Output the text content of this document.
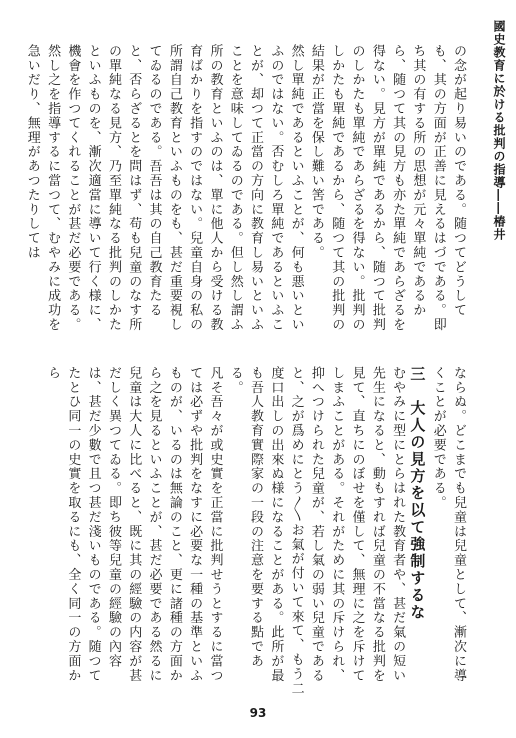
國史教育に於ける批判の指導――椿井

の念が起り易いのである。随つてどうしても、其の方面が正善に見えるはづである。即ち其の有する所の思想が元々單純であるから、随つて其の見方も亦た單純であらざるを得ない。見方が單純であるから、随つて批判のしかたも單純であらざるを得ない。批判のしかたも單純であるから、随つて其の批判の結果が正當を保し難い筈である。

然し單純であるといふことが、何も悪いといふのではない。否むしろ單純であるといふことが、却つて正當の方向に教育し易いといふことを意味してゐるのである。但し然し謂ふ所の教育といふのは、單に他人から受ける教育ばかりを指すのではない。兒童自身の私の所謂自己教育といふものをも、甚だ重要視してゐるのである。吾吾は其の自己教育たると、否らざるとを問はず、苟も兒童のなす所の單純なる見方、乃至單純なる批判のしかたといふものを、漸次適當に導いて行く様に、機會を作つてくれることが甚だ必要である。然し之を指導するに當つて、むやみに成功を急いだり、無理があつたりしては

ならぬ。どこまでも兒童は兒童として、漸次に導くことが必要である。

三　大人の見方を以て強制するな

むやみに型にとらはれた教育者や、甚だ氣の短い先生になると、動もすれば兒童の不當なる批判を見て、直ちにのぼせを僅して、無理に之を斥けてしまふことがある。それがために其の斥けられ、抑へつけられた兒童が、若し氣の弱い兒童であると、之が爲めにとう〳〵お氣が付いて來て、もう二度口出しの出來ぬ様になることがある。此所が最も吾人教育實際家の一段の注意を要する點である。

凡そ吾々が或史實を正當に批判せうとするに當つては必ずや批判をなすに必要な一種の基準といふものが、いるのは無論のこと、更に諸種の方面から之を見るといふことが、甚だ必要である然るに兒童は大人に比べると、既に其の經驗の内容が甚だしく異つてゐる。即ち彼等兒童の經驗の內容は、甚だ少數で且つ甚だ淺いものである。随つてたとひ同一の史實を取るにも、全く同一の方面から

93
